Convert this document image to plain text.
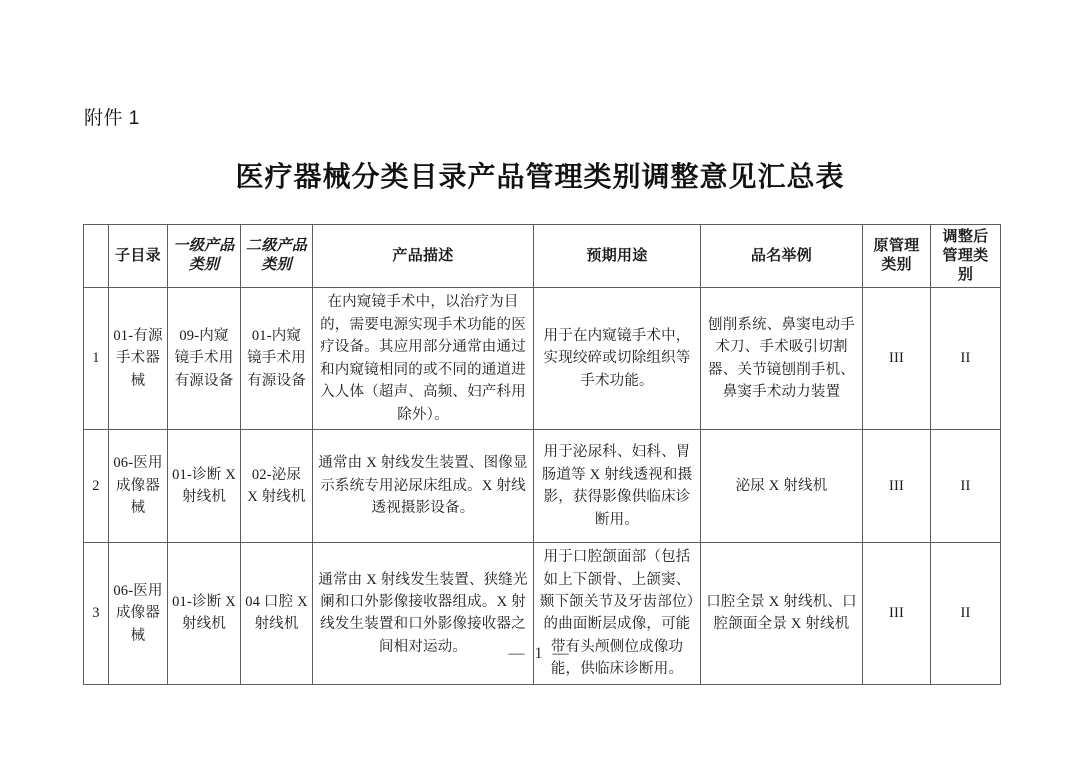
附件 1
医疗器械分类目录产品管理类别调整意见汇总表
	子目录	一级产品类别	二级产品类别	产品描述	预期用途	品名举例	原管理类别	调整后管理类别
1	01-有源手术器械	09-内窥镜手术用有源设备	01-内窥镜手术用有源设备	在内窥镜手术中，以治疗为目的，需要电源实现手术功能的医疗设备。其应用部分通常由通过和内窥镜相同的或不同的通道进入人体（超声、高频、妇产科用除外）。	用于在内窥镜手术中，实现绞碎或切除组织等手术功能。	刨削系统、鼻窦电动手术刀、手术吸引切割器、关节镜刨削手机、鼻窦手术动力装置	III	II
2	06-医用成像器械	01-诊断 X 射线机	02-泌尿 X 射线机	通常由 X 射线发生装置、图像显示系统专用泌尿床组成。X 射线透视摄影设备。	用于泌尿科、妇科、胃肠道等 X 射线透视和摄影，获得影像供临床诊断用。	泌尿 X 射线机	III	II
3	06-医用成像器械	01-诊断 X 射线机	04 口腔 X 射线机	通常由 X 射线发生装置、狭缝光阑和口外影像接收器组成。X 射线发生装置和口外影像接收器之间相对运动。	用于口腔颌面部（包括如上下颌骨、上颌窦、颞下颌关节及牙齿部位）的曲面断层成像，可能带有头颅侧位成像功能，供临床诊断用。	口腔全景 X 射线机、口腔颌面全景 X 射线机	III	II
— 1 —
